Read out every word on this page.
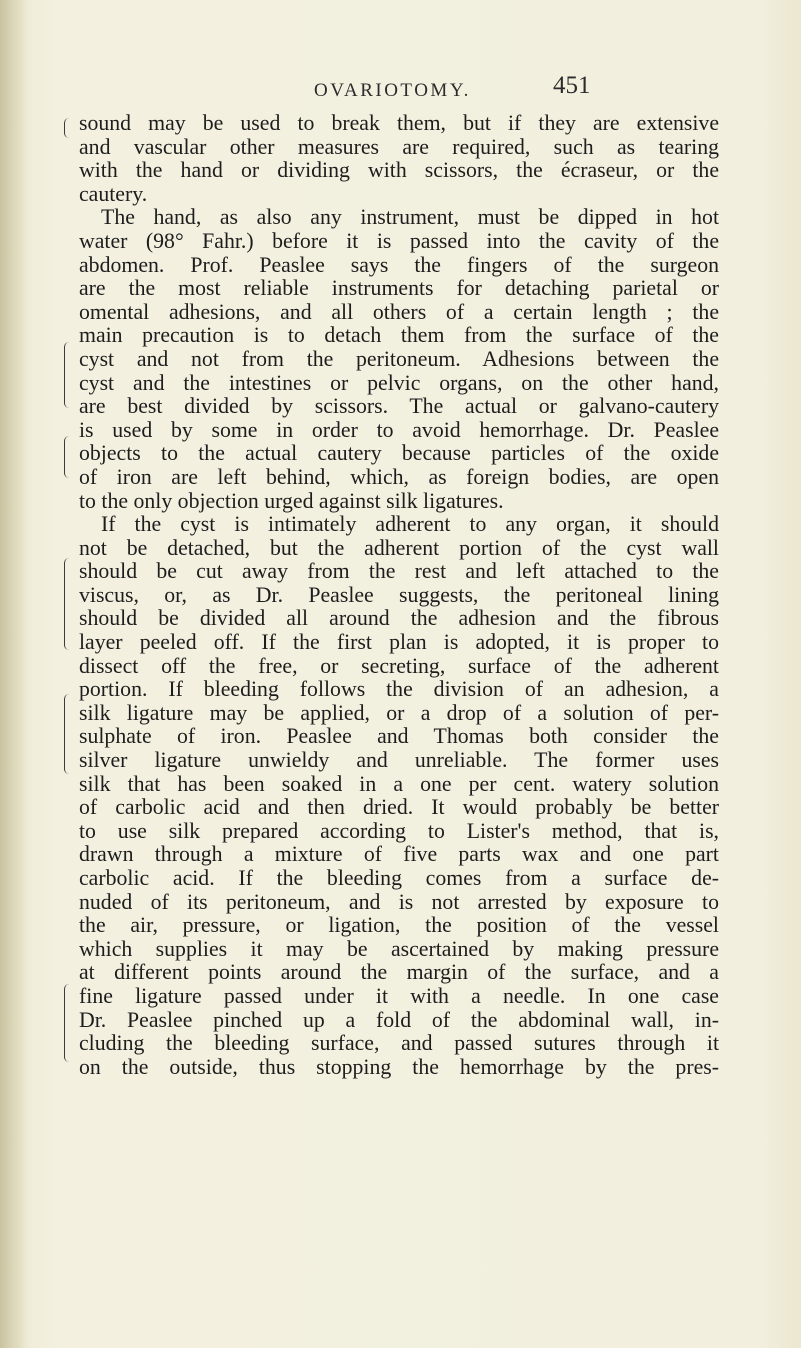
OVARIOTOMY.	451
sound may be used to break them, but if they are extensive
and vascular other measures are required, such as tearing
with the hand or dividing with scissors, the écraseur, or the
cautery.
The hand, as also any instrument, must be dipped in hot
water (98° Fahr.) before it is passed into the cavity of the
abdomen. Prof. Peaslee says the fingers of the surgeon
are the most reliable instruments for detaching parietal or
omental adhesions, and all others of a certain length ; the
main precaution is to detach them from the surface of the
cyst and not from the peritoneum. Adhesions between the
cyst and the intestines or pelvic organs, on the other hand,
are best divided by scissors. The actual or galvano-cautery
is used by some in order to avoid hemorrhage. Dr. Peaslee
objects to the actual cautery because particles of the oxide
of iron are left behind, which, as foreign bodies, are open
to the only objection urged against silk ligatures.
If the cyst is intimately adherent to any organ, it should
not be detached, but the adherent portion of the cyst wall
should be cut away from the rest and left attached to the
viscus, or, as Dr. Peaslee suggests, the peritoneal lining
should be divided all around the adhesion and the fibrous
layer peeled off. If the first plan is adopted, it is proper to
dissect off the free, or secreting, surface of the adherent
portion. If bleeding follows the division of an adhesion, a
silk ligature may be applied, or a drop of a solution of per-
sulphate of iron. Peaslee and Thomas both consider the
silver ligature unwieldy and unreliable. The former uses
silk that has been soaked in a one per cent. watery solution
of carbolic acid and then dried. It would probably be better
to use silk prepared according to Lister's method, that is,
drawn through a mixture of five parts wax and one part
carbolic acid. If the bleeding comes from a surface de-
nuded of its peritoneum, and is not arrested by exposure to
the air, pressure, or ligation, the position of the vessel
which supplies it may be ascertained by making pressure
at different points around the margin of the surface, and a
fine ligature passed under it with a needle. In one case
Dr. Peaslee pinched up a fold of the abdominal wall, in-
cluding the bleeding surface, and passed sutures through it
on the outside, thus stopping the hemorrhage by the pres-
